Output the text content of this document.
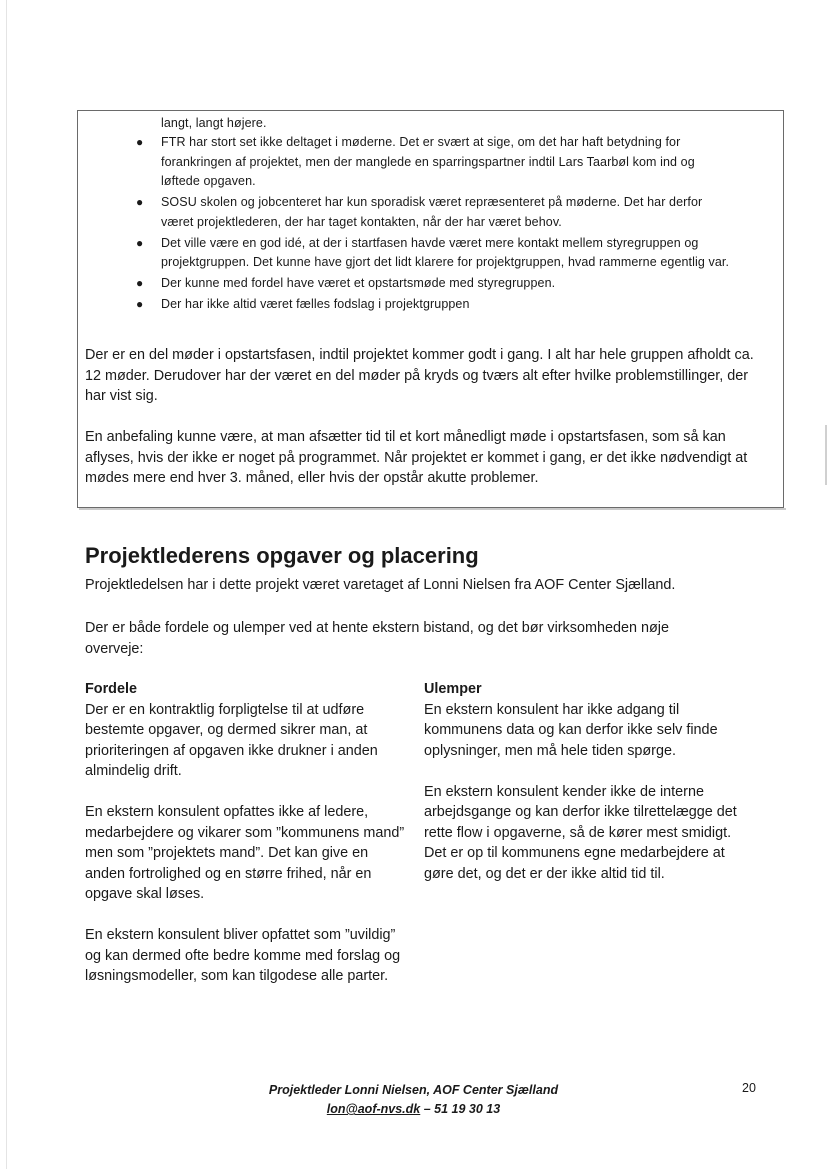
langt, langt højere.
● FTR har stort set ikke deltaget i møderne. Det er svært at sige, om det har haft betydning for forankringen af projektet, men der manglede en sparringspartner indtil Lars Taarbøl kom ind og løftede opgaven.
● SOSU skolen og jobcenteret har kun sporadisk været repræsenteret på møderne. Det har derfor været projektlederen, der har taget kontakten, når der har været behov.
● Det ville være en god idé, at der i startfasen havde været mere kontakt mellem styregruppen og projektgruppen. Det kunne have gjort det lidt klarere for projektgruppen, hvad rammerne egentlig var.
● Der kunne med fordel have været et opstartsmøde med styregruppen.
● Der har ikke altid været fælles fodslag i projektgruppen

Der er en del møder i opstartsfasen, indtil projektet kommer godt i gang. I alt har hele gruppen afholdt ca. 12 møder. Derudover har der været en del møder på kryds og tværs alt efter hvilke problemstillinger, der har vist sig.

En anbefaling kunne være, at man afsætter tid til et kort månedligt møde i opstartsfasen, som så kan aflyses, hvis der ikke er noget på programmet. Når projektet er kommet i gang, er det ikke nødvendigt at mødes mere end hver 3. måned, eller hvis der opstår akutte problemer.

Projektlederens opgaver og placering

Projektledelsen har i dette projekt været varetaget af Lonni Nielsen fra AOF Center Sjælland.

Der er både fordele og ulemper ved at hente ekstern bistand, og det bør virksomheden nøje overveje:

Fordele

Der er en kontraktlig forpligtelse til at udføre bestemte opgaver, og dermed sikrer man, at prioriteringen af opgaven ikke drukner i anden almindelig drift.

En ekstern konsulent opfattes ikke af ledere, medarbejdere og vikarer som ”kommunens mand” men som ”projektets mand”. Det kan give en anden fortrolighed og en større frihed, når en opgave skal løses.

En ekstern konsulent bliver opfattet som ”uvildig” og kan dermed ofte bedre komme med forslag og løsningsmodeller, som kan tilgodese alle parter.

Ulemper

En ekstern konsulent har ikke adgang til kommunens data og kan derfor ikke selv finde oplysninger, men må hele tiden spørge.

En ekstern konsulent kender ikke de interne arbejdsgange og kan derfor ikke tilrettelægge det rette flow i opgaverne, så de kører mest smidigt. Det er op til kommunens egne medarbejdere at gøre det, og det er der ikke altid tid til.

Projektleder Lonni Nielsen, AOF Center Sjælland
lon@aof-nvs.dk – 51 19 30 13
20
